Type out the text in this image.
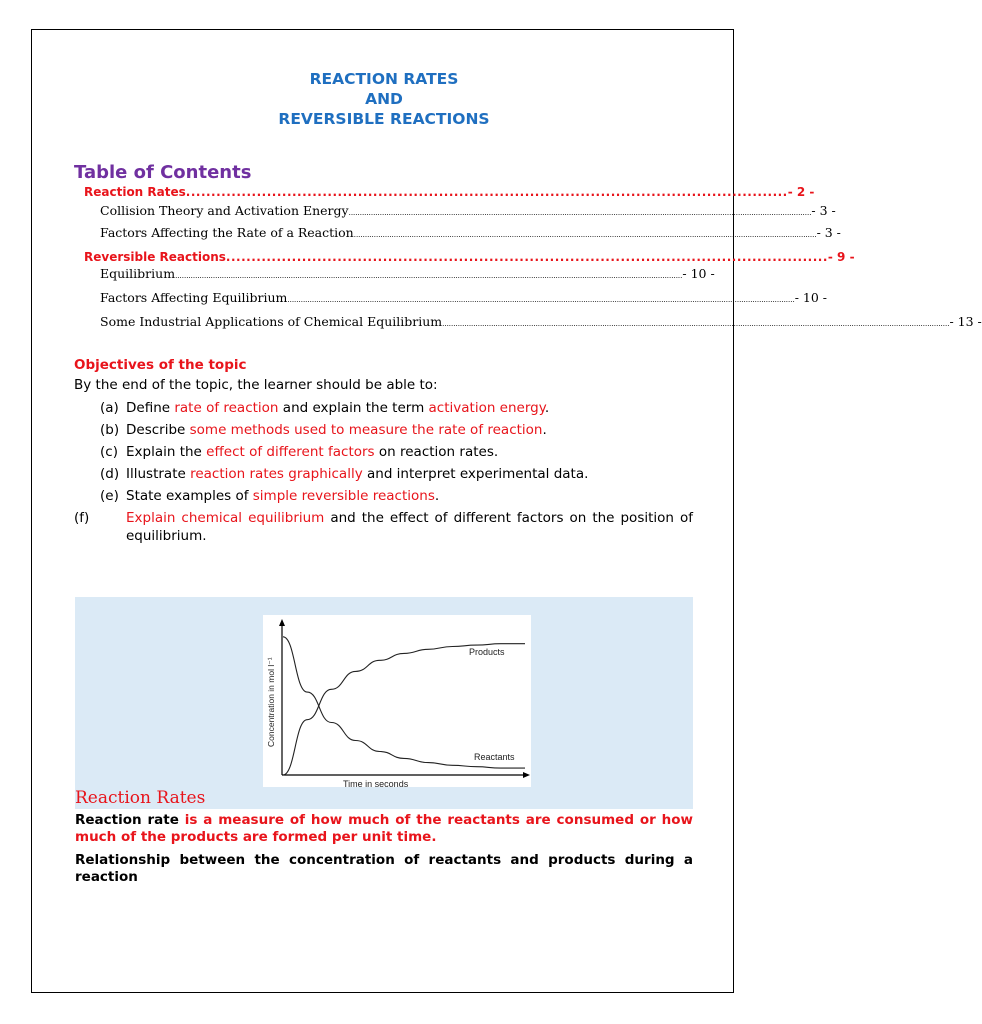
REACTION RATES
AND
REVERSIBLE REACTIONS
Table of Contents
Reaction Rates ....................................................................................................................... - 2 -
Collision Theory and Activation Energy ................................................................................................................................................................................................................ - 3 -
Factors Affecting the Rate of a Reaction ................................................................................................................................................................................................................ - 3 -
Reversible Reactions ....................................................................................................................... - 9 -
Equilibrium .................................................................................................................................................................................................................................... - 10 -
Factors Affecting Equilibrium .................................................................................................................................................................................................................................... - 10 -
Some Industrial Applications of Chemical Equilibrium .................................................................................................................................................................................................................................... - 13 -
Objectives of the topic
By the end of the topic, the learner should be able to:
(a) Define rate of reaction and explain the term activation energy.
(b) Describe some methods used to measure the rate of reaction.
(c) Explain the effect of different factors on reaction rates.
(d) Illustrate reaction rates graphically and interpret experimental data.
(e) State examples of simple reversible reactions.
(f)	Explain chemical equilibrium and the effect of different factors on the position of equilibrium.
Products
Reactants
Time in seconds
Concentration in mol l⁻¹
Reaction Rates
Reaction rate is a measure of how much of the reactants are consumed or how much of the products are formed per unit time.
Relationship between the concentration of reactants and products during a reaction
